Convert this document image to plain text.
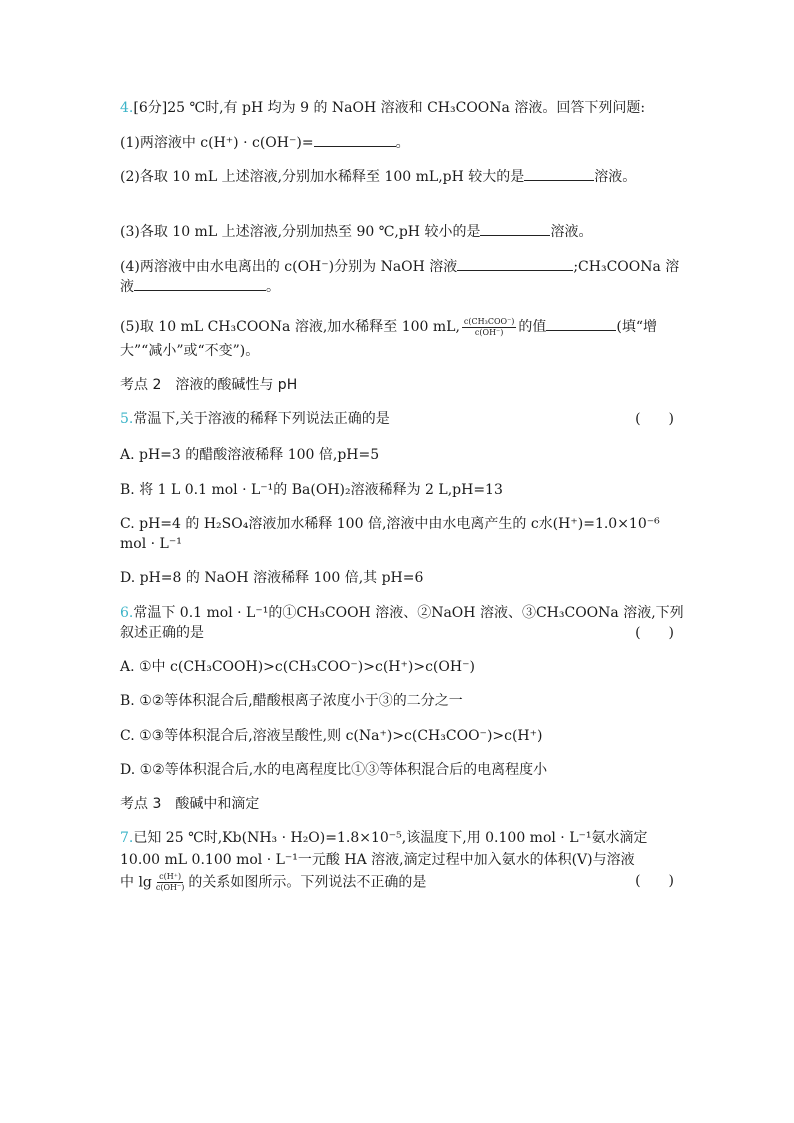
4.[6分]25 ℃时,有 pH 均为 9 的 NaOH 溶液和 CH₃COONa 溶液。回答下列问题:
(1)两溶液中 c(H⁺) · c(OH⁻)=	。
(2)各取 10 mL 上述溶液,分别加水稀释至 100 mL,pH 较大的是	溶液。
(3)各取 10 mL 上述溶液,分别加热至 90 ℃,pH 较小的是	溶液。
(4)两溶液中由水电离出的 c(OH⁻)分别为 NaOH 溶液	;CH₃COONa 溶
液	。
(5)取 10 mL CH₃COONa 溶液,加水稀释至 100 mL, $\frac{\text{c(CH₃COO⁻)}}{c(OH^-)}$ 的值	(填“增
大”“减小”或“不变”)。
考点 2　溶液的酸碱性与 pH
5.常温下,关于溶液的稀释下列说法正确的是	(　　)
A. pH=3 的醋酸溶液稀释 100 倍,pH=5
B. 将 1 L 0.1 mol · L⁻¹的 Ba(OH)₂溶液稀释为 2 L,pH=13
C. pH=4 的 H₂SO₄溶液加水稀释 100 倍,溶液中由水电离产生的 c水(H⁺)=1.0×10⁻⁶
mol · L⁻¹
D. pH=8 的 NaOH 溶液稀释 100 倍,其 pH=6
6.常温下 0.1 mol · L⁻¹的①CH₃COOH 溶液、②NaOH 溶液、③CH₃COONa 溶液,下列
叙述正确的是	(　　)
A. ①中 c(CH₃COOH)>c(CH₃COO⁻)>c(H⁺)>c(OH⁻)
B. ①②等体积混合后,醋酸根离子浓度小于③的二分之一
C. ①③等体积混合后,溶液呈酸性,则 c(Na⁺)>c(CH₃COO⁻)>c(H⁺)
D. ①②等体积混合后,水的电离程度比①③等体积混合后的电离程度小
考点 3　酸碱中和滴定
7.已知 25 ℃时,Kb(NH₃ · H₂O)=1.8×10⁻⁵,该温度下,用 0.100 mol · L⁻¹氨水滴定
10.00 mL 0.100 mol · L⁻¹一元酸 HA 溶液,滴定过程中加入氨水的体积(V)与溶液
中 $\lg \frac{c(H^+)}{c(OH^-)}$ 的关系如图所示。下列说法不正确的是	(　　)
